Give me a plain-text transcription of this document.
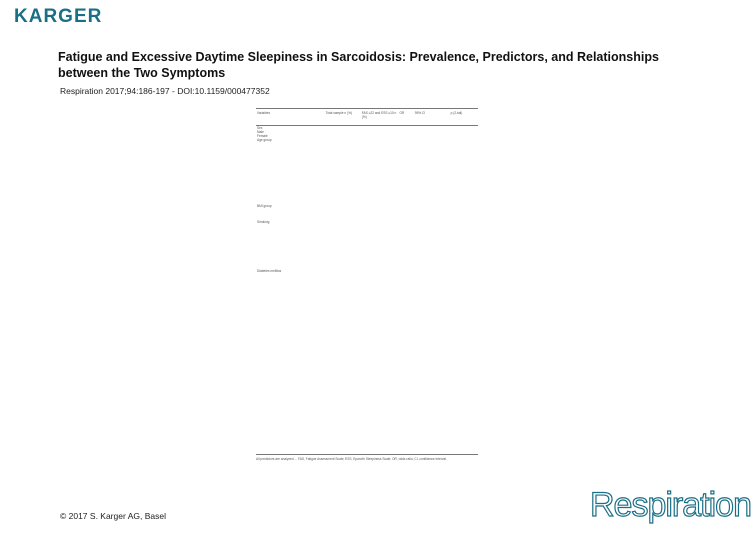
KARGER
Fatigue and Excessive Daytime Sleepiness in Sarcoidosis: Prevalence, Predictors, and Relationships between the Two Symptoms
Respiration 2017;94:186-197 - DOI:10.1159/000477352
Variables	Total sample n (%)	FAS ≥22 and ESS ≥10 n (%)	OR	95% CI	p (2-tail)
Sex					
Male					
Female					
Age group					

BMI group					

Smoking					

Diabetes mellitus					

All predictors are analyzed ... FAS, Fatigue Assessment Scale; ESS, Epworth Sleepiness Scale; OR, odds ratio; CI, confidence interval.
© 2017 S. Karger AG, Basel	Respiration
